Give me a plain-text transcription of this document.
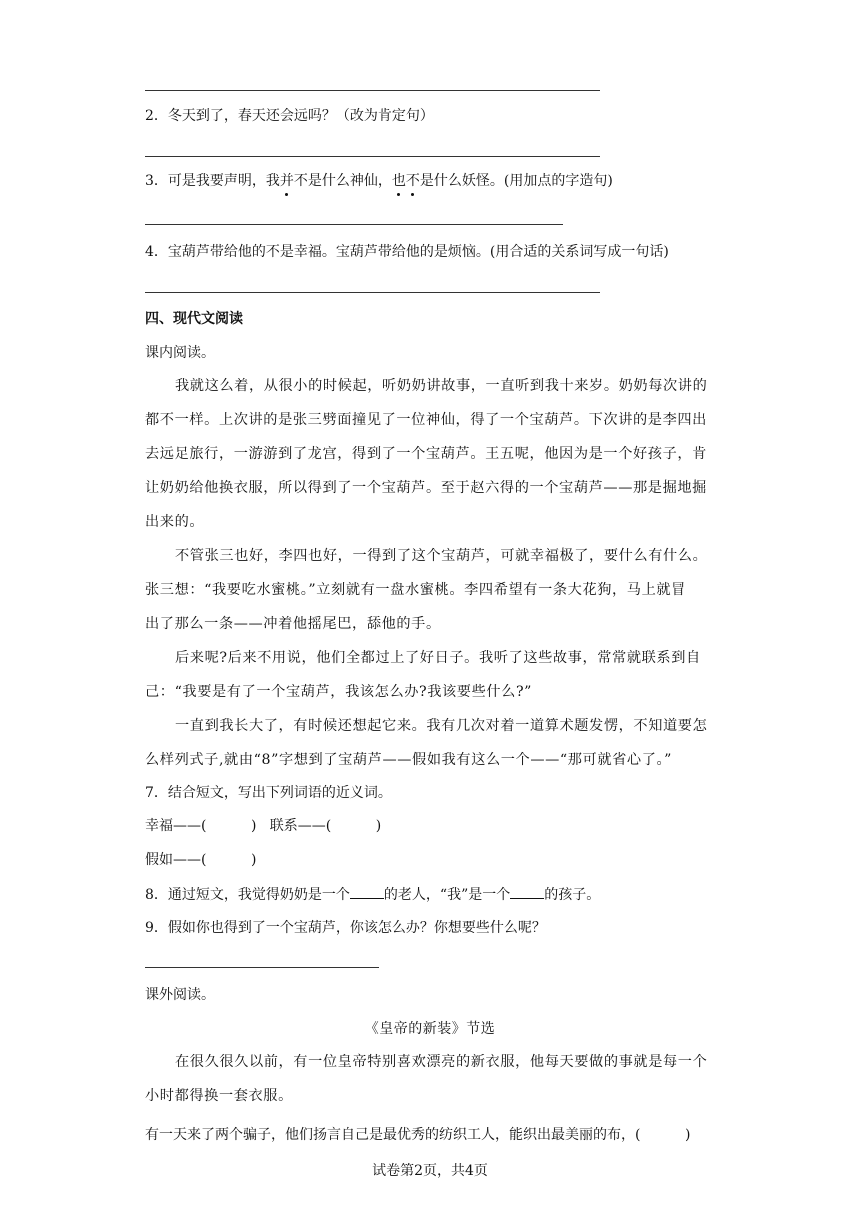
2．冬天到了，春天还会远吗？（改为肯定句）
3．可是我要声明，我并不是什么神仙，也不是什么妖怪。(用加点的字造句)
4．宝葫芦带给他的不是幸福。宝葫芦带给他的是烦恼。(用合适的关系词写成一句话)
四、现代文阅读
课内阅读。
我就这么着，从很小的时候起，听奶奶讲故事，一直听到我十来岁。奶奶每次讲的
都不一样。上次讲的是张三劈面撞见了一位神仙，得了一个宝葫芦。下次讲的是李四出
去远足旅行，一游游到了龙宫，得到了一个宝葫芦。王五呢，他因为是一个好孩子，肯
让奶奶给他换衣服，所以得到了一个宝葫芦。至于赵六得的一个宝葫芦——那是掘地掘
出来的。
不管张三也好，李四也好，一得到了这个宝葫芦，可就幸福极了，要什么有什么。
张三想：“我要吃水蜜桃。”立刻就有一盘水蜜桃。李四希望有一条大花狗，马上就冒
出了那么一条——冲着他摇尾巴，舔他的手。
后来呢?后来不用说，他们全都过上了好日子。我听了这些故事，常常就联系到自
己：“我要是有了一个宝葫芦，我该怎么办?我该要些什么?”
一直到我长大了，有时候还想起它来。我有几次对着一道算术题发愣，不知道要怎
么样列式子,就由“8”字想到了宝葫芦——假如我有这么一个——“那可就省心了。”
7．结合短文，写出下列词语的近义词。
幸福——(          )   联系——(          )
假如——(          )
8．通过短文，我觉得奶奶是一个 的老人，“我”是一个 的孩子。
9．假如你也得到了一个宝葫芦，你该怎么办？你想要些什么呢？
课外阅读。
《皇帝的新装》节选
在很久很久以前，有一位皇帝特别喜欢漂亮的新衣服，他每天要做的事就是每一个
小时都得换一套衣服。
有一天来了两个骗子，他们扬言自己是最优秀的纺织工人，能织出最美丽的布，(          )
试卷第2页，共4页
